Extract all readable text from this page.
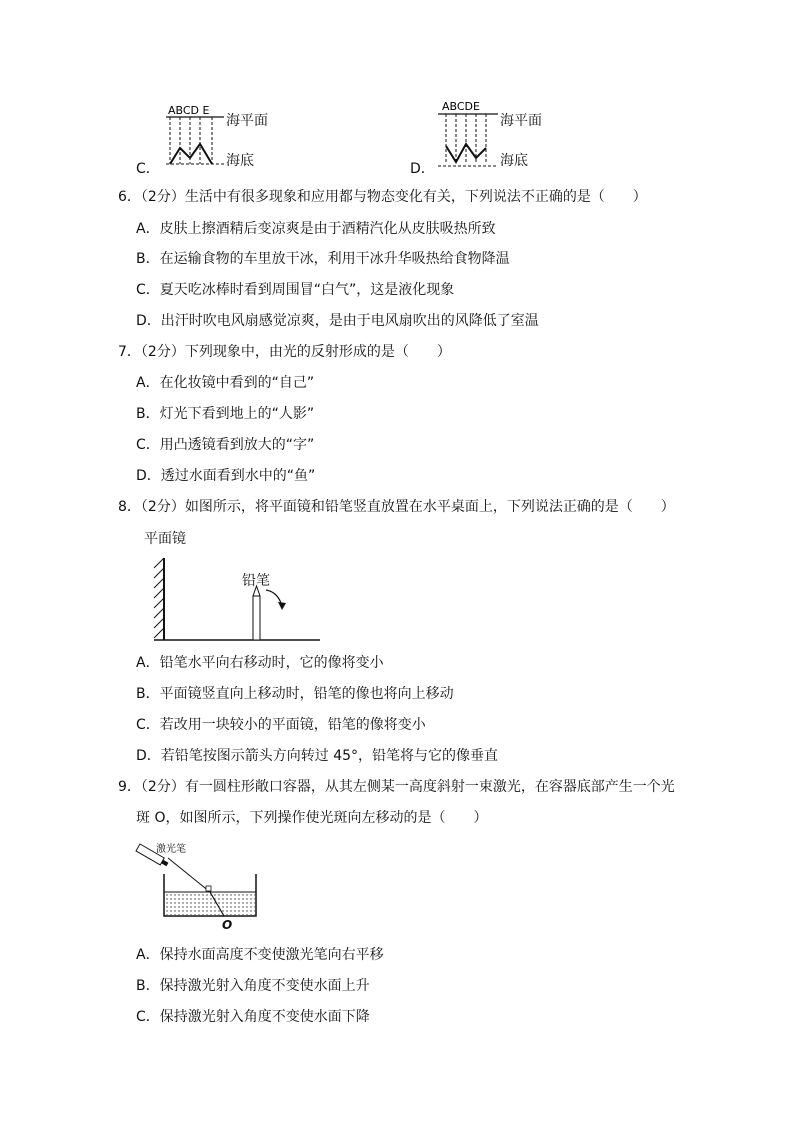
C．
ABCD E
海平面
海底	D．
ABCDE
海平面
海底
6．（2分）生活中有很多现象和应用都与物态变化有关，下列说法不正确的是（　　）
A．皮肤上擦酒精后变凉爽是由于酒精汽化从皮肤吸热所致
B．在运输食物的车里放干冰，利用干冰升华吸热给食物降温
C．夏天吃冰棒时看到周围冒“白气”，这是液化现象
D．出汗时吹电风扇感觉凉爽，是由于电风扇吹出的风降低了室温
7．（2分）下列现象中，由光的反射形成的是（　　）
A．在化妆镜中看到的“自己”
B．灯光下看到地上的“人影”
C．用凸透镜看到放大的“字”
D．透过水面看到水中的“鱼”
8．（2分）如图所示，将平面镜和铅笔竖直放置在水平桌面上，下列说法正确的是（　　）
平面镜
铅笔
A．铅笔水平向右移动时，它的像将变小
B．平面镜竖直向上移动时，铅笔的像也将向上移动
C．若改用一块较小的平面镜，铅笔的像将变小
D．若铅笔按图示箭头方向转过 45°，铅笔将与它的像垂直
9．（2分）有一圆柱形敞口容器，从其左侧某一高度斜射一束激光，在容器底部产生一个光
斑 O，如图所示，下列操作使光斑向左移动的是（　　）
激光笔
O
A．保持水面高度不变使激光笔向右平移
B．保持激光射入角度不变使水面上升
C．保持激光射入角度不变使水面下降
